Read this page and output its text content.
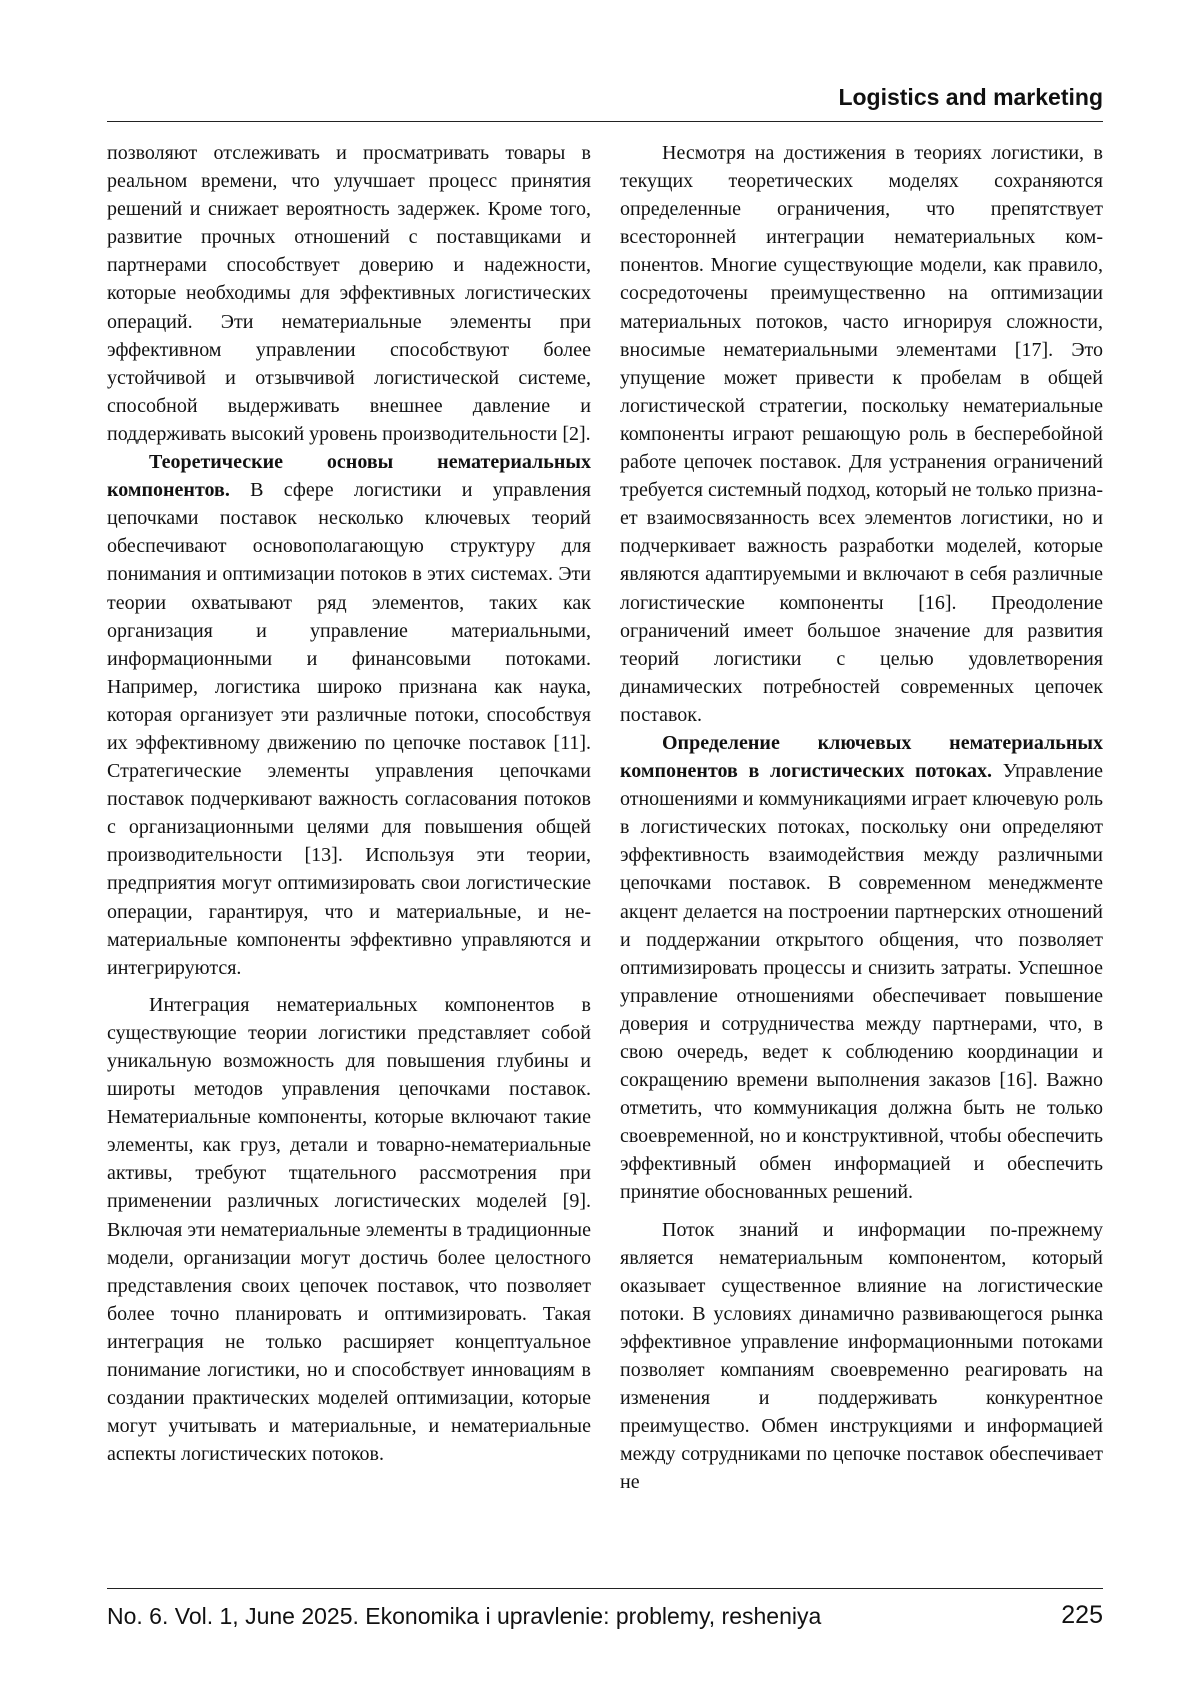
Logistics and marketing

позволяют отслеживать и просматривать товары в реальном времени, что улучшает процесс при­нятия решений и снижает вероятность задержек. Кроме того, развитие прочных отношений с по­ставщиками и партнерами способствует доверию и надежности, которые необходимы для эффек­тивных логистических операций. Эти нематери­альные элементы при эффективном управлении способствуют более устойчивой и отзывчивой логистической системе, способной выдерживать внешнее давление и поддерживать высокий уро­вень производительности [2].

Теоретические основы нематериальных компонентов. В сфере логистики и управления цепочками поставок несколько ключевых теорий обеспечивают основополагающую структуру для понимания и оптимизации потоков в этих си­стемах. Эти теории охватывают ряд элементов, таких как организация и управление материаль­ными, информационными и финансовыми пото­ками. Например, логистика широко признана как наука, которая организует эти различные потоки, способствуя их эффективному движению по це­почке поставок [11]. Стратегические элементы управления цепочками поставок подчеркивают важность согласования потоков с организацион­ными целями для повышения общей производи­тельности [13]. Используя эти теории, предприя­тия могут оптимизировать свои логистические операции, гарантируя, что и материальные, и не­материальные компоненты эффективно управля­ются и интегрируются.

Интеграция нематериальных компонентов в существующие теории логистики представляет собой уникальную возможность для повышения глубины и широты методов управления цепоч­ками поставок. Нематериальные компоненты, которые включают такие элементы, как груз, де­тали и товарно-нематериальные активы, требуют тщательного рассмотрения при применении раз­личных логистических моделей [9]. Включая эти нематериальные элементы в традиционные мо­дели, организации могут достичь более целост­ного представления своих цепочек поставок, что позволяет более точно планировать и оптимизи­ровать. Такая интеграция не только расширяет концептуальное понимание логистики, но и спо­собствует инновациям в создании практических моделей оптимизации, которые могут учитывать и материальные, и нематериальные аспекты ло­гистических потоков.

Несмотря на достижения в теориях логисти­ки, в текущих теоретических моделях сохраняют­ся определенные ограничения, что препятствует всесторонней интеграции нематериальных ком­понентов. Многие существующие модели, как правило, сосредоточены преимущественно на оптимизации материальных потоков, часто игно­рируя сложности, вносимые нематериальными элементами [17]. Это упущение может привести к пробелам в общей логистической стратегии, по­скольку нематериальные компоненты играют ре­шающую роль в бесперебойной работе цепочек поставок. Для устранения ограничений требует­ся системный подход, который не только призна­ет взаимосвязанность всех элементов логистики, но и подчеркивает важность разработки моделей, которые являются адаптируемыми и включают в себя различные логистические компоненты [16]. Преодоление ограничений имеет большое значение для развития теорий логистики с целью удовлетворения динамических потребностей современных цепочек поставок.

Определение ключевых нематериаль­ных компонентов в логистических потоках. Управление отношениями и коммуникациями играет ключевую роль в логистических пото­ках, поскольку они определяют эффективность взаимодействия между различными цепочками поставок. В современном менеджменте акцент делается на построении партнерских отношений и поддержании открытого общения, что позво­ляет оптимизировать процессы и снизить затра­ты. Успешное управление отношениями обес­печивает повышение доверия и сотрудничества между партнерами, что, в свою очередь, ведет к соблюдению координации и сокращению вре­мени выполнения заказов [16]. Важно отметить, что коммуникация должна быть не только свое­временной, но и конструктивной, чтобы обеспе­чить эффективный обмен информацией и обеспе­чить принятие обоснованных решений.

Поток знаний и информации по-прежнему является нематериальным компонентом, кото­рый оказывает существенное влияние на логи­стические потоки. В условиях динамично раз­вивающегося рынка эффективное управление информационными потоками позволяет компа­ниям своевременно реагировать на изменения и поддерживать конкурентное преимущество. Обмен инструкциями и информацией между сот­рудниками по цепочке поставок обеспечивает не

No. 6. Vol. 1, June 2025. Ekonomika i upravlenie: problemy, resheniya	225
